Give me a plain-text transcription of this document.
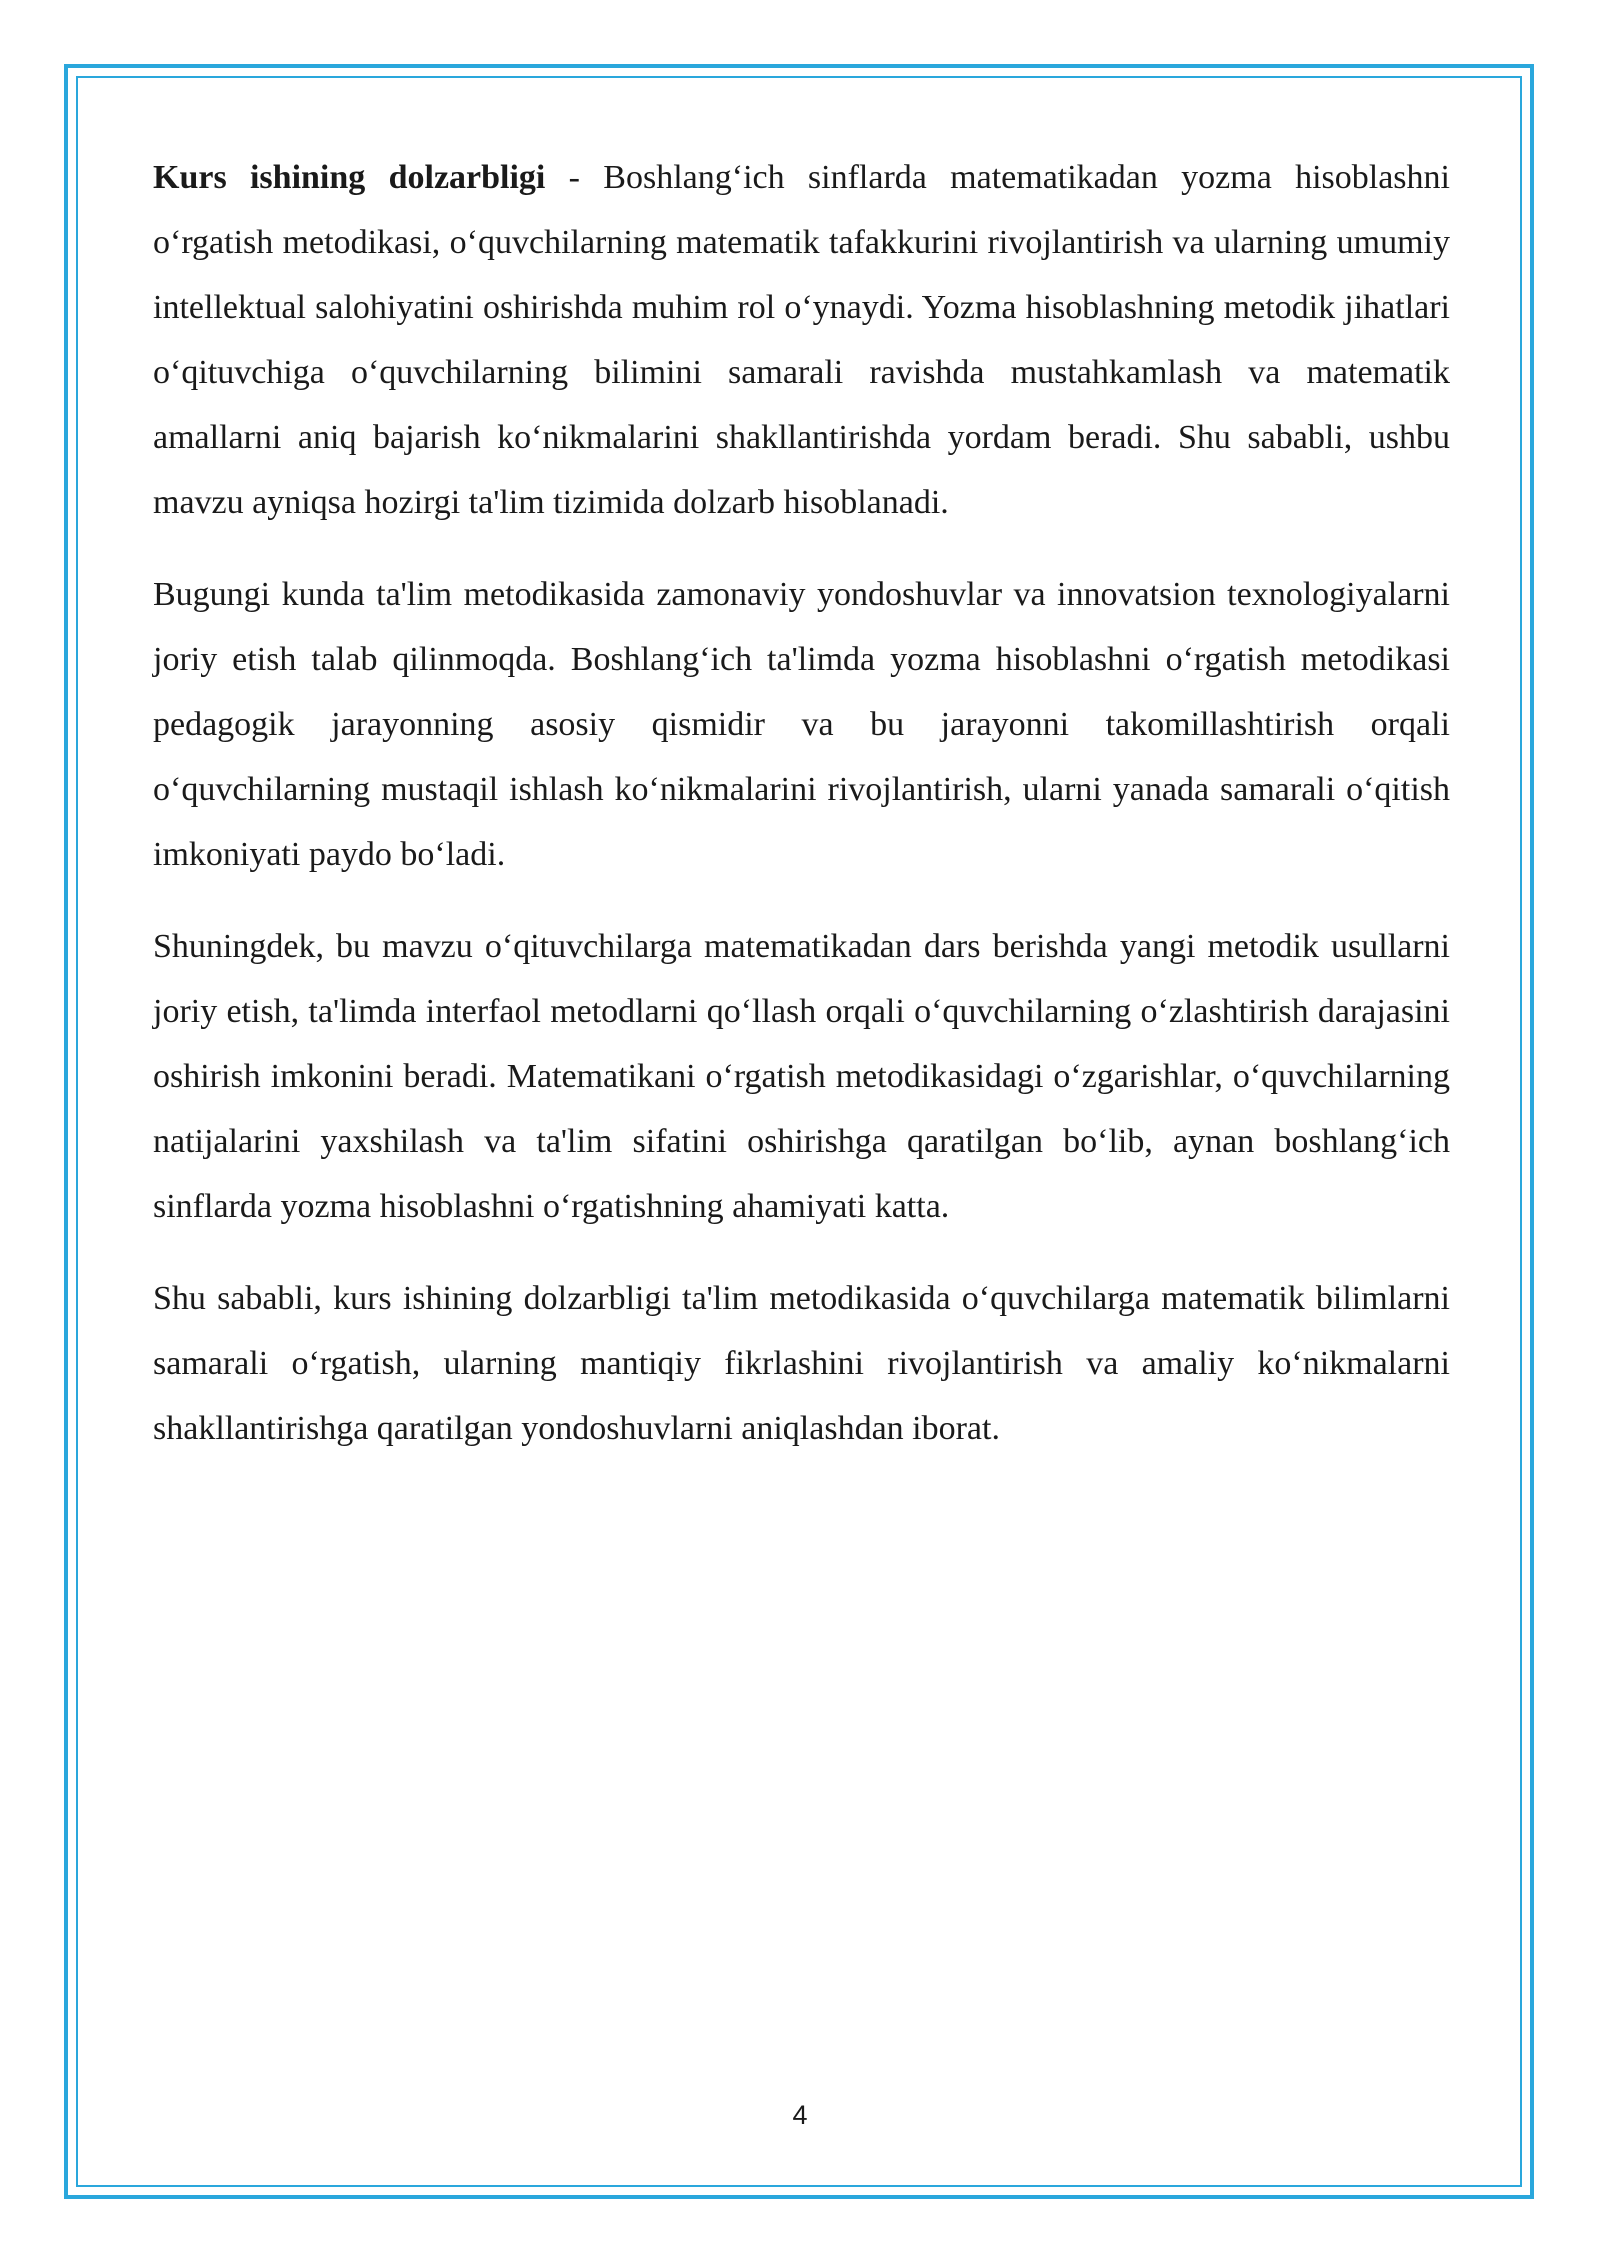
Kurs ishining dolzarbligi - Boshlang‘ich sinflarda matematikadan yozma hisoblashni o‘rgatish metodikasi, o‘quvchilarning matematik tafakkurini rivojlantirish va ularning umumiy intellektual salohiyatini oshirishda muhim rol o‘ynaydi. Yozma hisoblashning metodik jihatlari o‘qituvchiga o‘quvchilarning bilimini samarali ravishda mustahkamlash va matematik amallarni aniq bajarish ko‘nikmalarini shakllantirishda yordam beradi. Shu sababli, ushbu mavzu ayniqsa hozirgi ta'lim tizimida dolzarb hisoblanadi.

Bugungi kunda ta'lim metodikasida zamonaviy yondoshuvlar va innovatsion texnologiyalarni joriy etish talab qilinmoqda. Boshlang‘ich ta'limda yozma hisoblashni o‘rgatish metodikasi pedagogik jarayonning asosiy qismidir va bu jarayonni takomillashtirish orqali o‘quvchilarning mustaqil ishlash ko‘nikmalarini rivojlantirish, ularni yanada samarali o‘qitish imkoniyati paydo bo‘ladi.

Shuningdek, bu mavzu o‘qituvchilarga matematikadan dars berishda yangi metodik usullarni joriy etish, ta'limda interfaol metodlarni qo‘llash orqali o‘quvchilarning o‘zlashtirish darajasini oshirish imkonini beradi. Matematikani o‘rgatish metodikasidagi o‘zgarishlar, o‘quvchilarning natijalarini yaxshilash va ta'lim sifatini oshirishga qaratilgan bo‘lib, aynan boshlang‘ich sinflarda yozma hisoblashni o‘rgatishning ahamiyati katta.

Shu sababli, kurs ishining dolzarbligi ta'lim metodikasida o‘quvchilarga matematik bilimlarni samarali o‘rgatish, ularning mantiqiy fikrlashini rivojlantirish va amaliy ko‘nikmalarni shakllantirishga qaratilgan yondoshuvlarni aniqlashdan iborat.

4
